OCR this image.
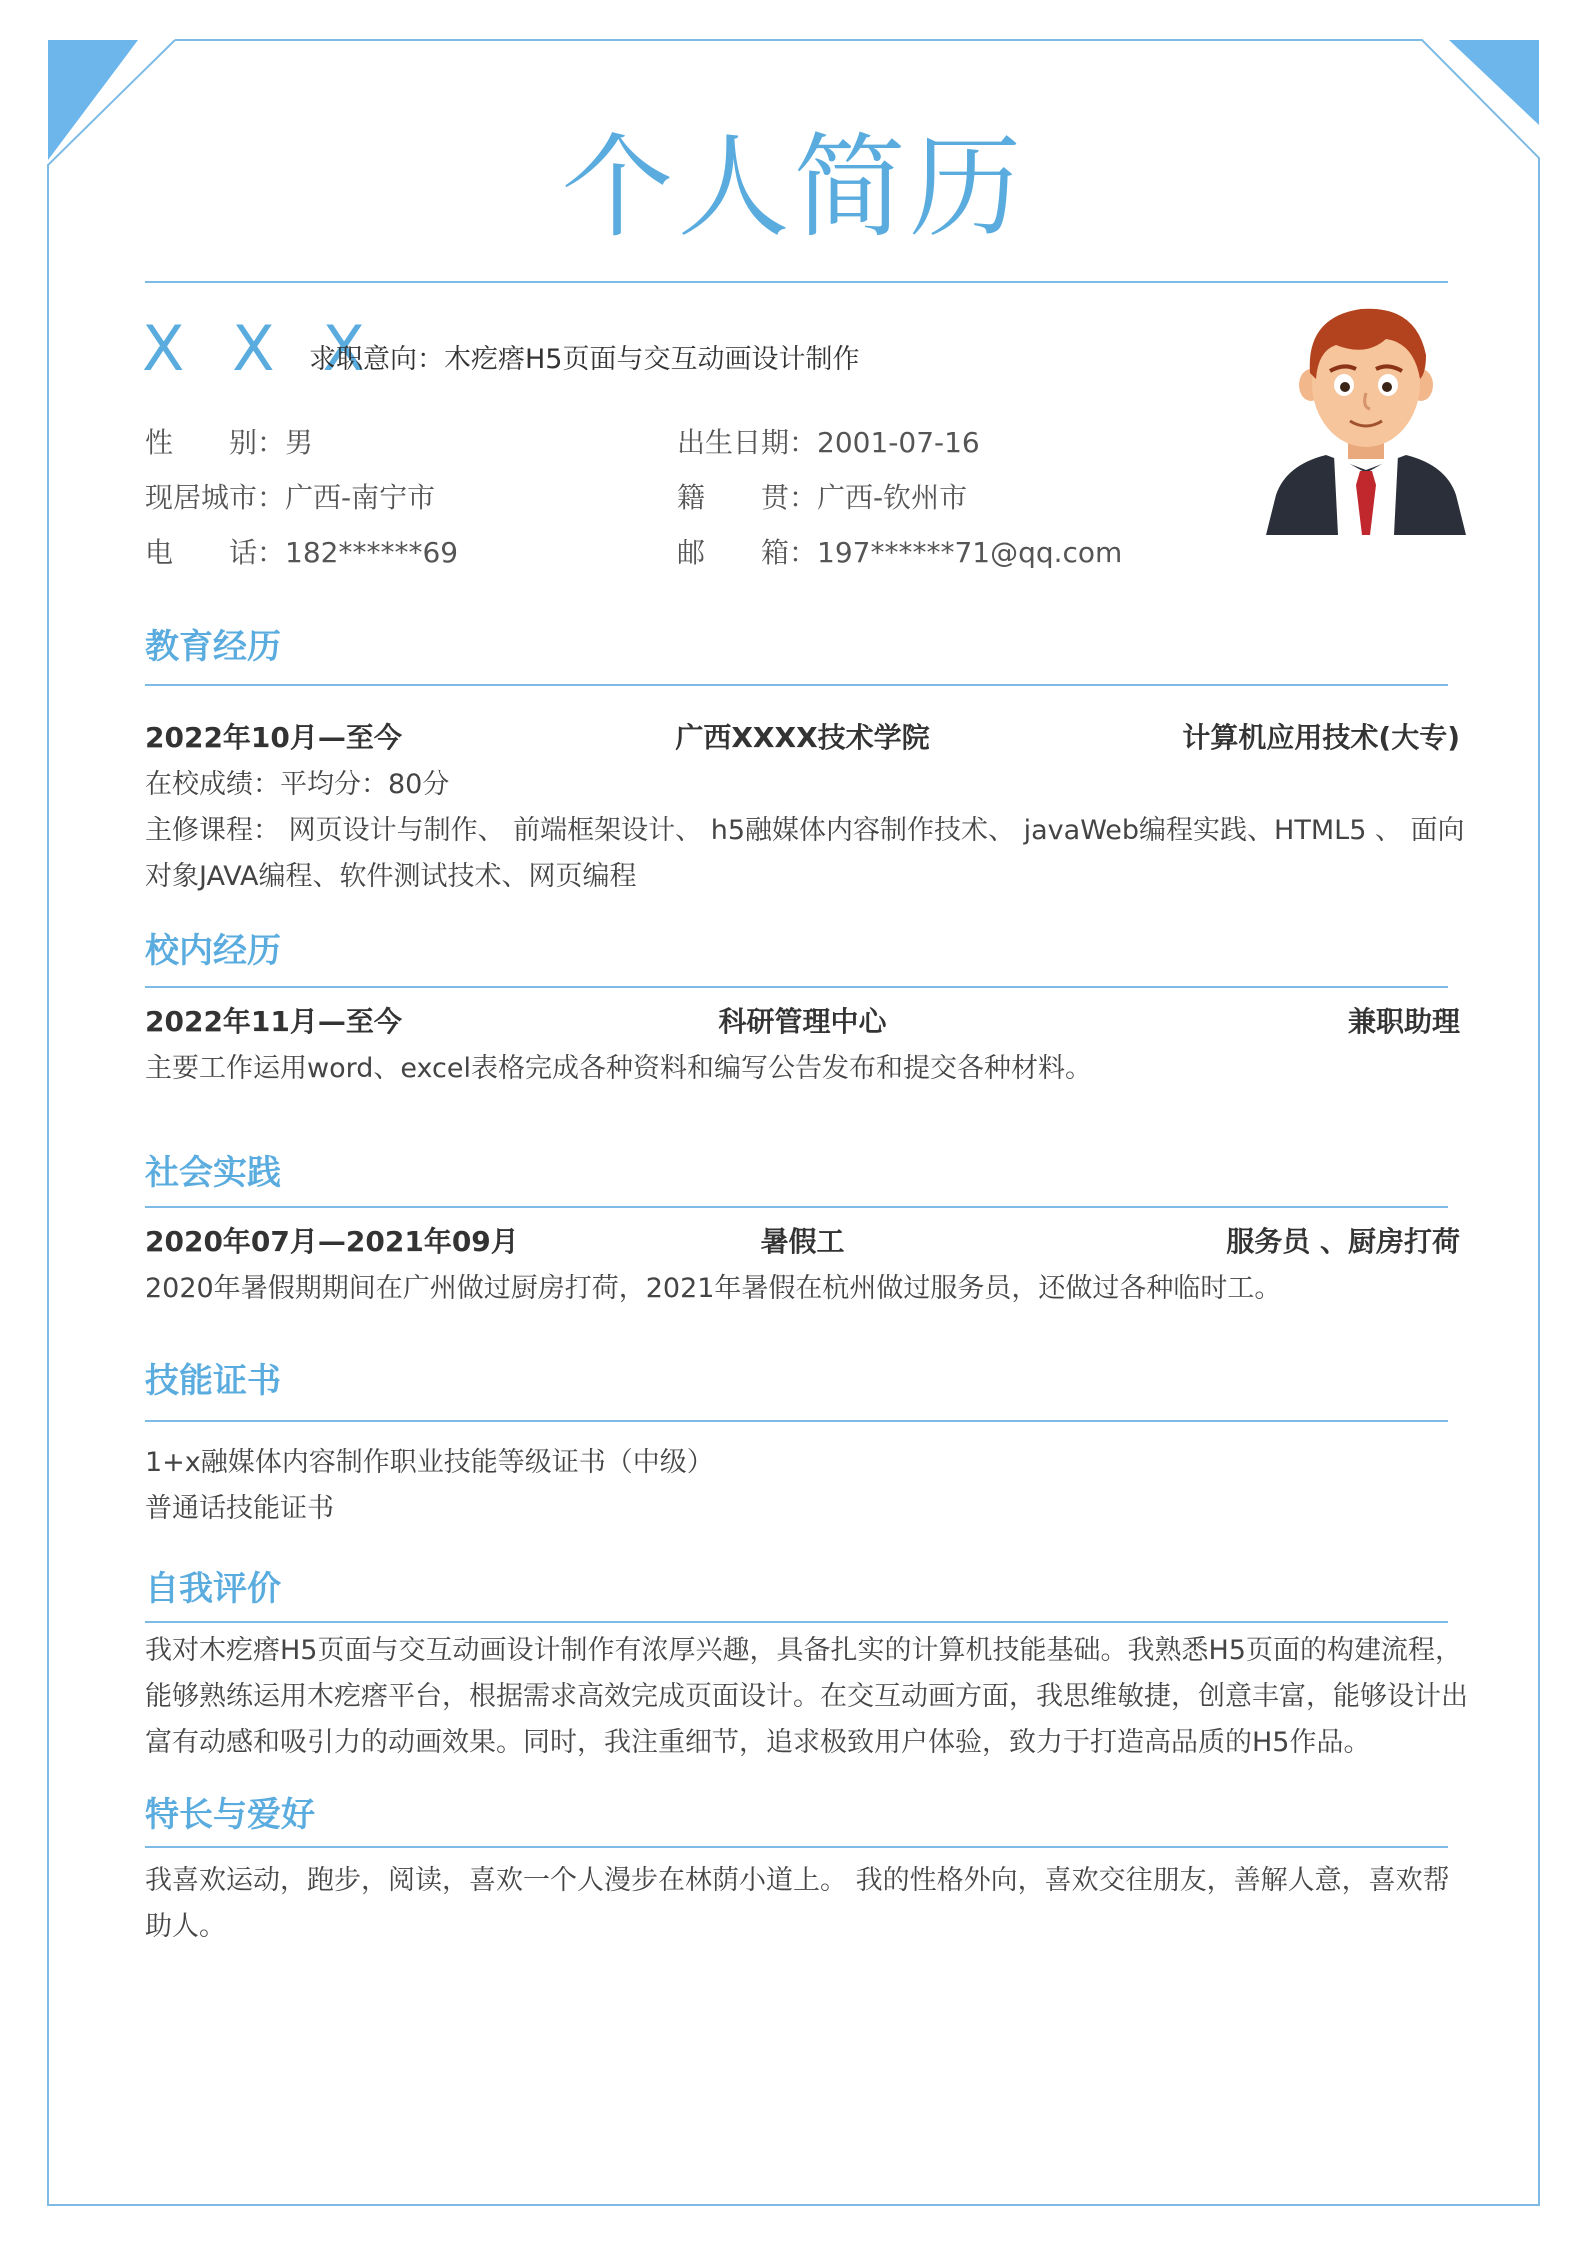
个人简历
X X X
求职意向：木疙瘩H5页面与交互动画设计制作
性　　别：男	出生日期：2001-07-16
现居城市：广西-南宁市	籍　　贯：广西-钦州市
电　　话：182******69	邮　　箱：197******71@qq.com
教育经历
2022年10月—至今	广西XXXX技术学院	计算机应用技术(大专)
在校成绩：平均分：80分
主修课程： 网页设计与制作、 前端框架设计、 h5融媒体内容制作技术、 javaWeb编程实践、HTML5 、 面向
对象JAVA编程、软件测试技术、网页编程
校内经历
2022年11月—至今	科研管理中心	兼职助理
主要工作运用word、excel表格完成各种资料和编写公告发布和提交各种材料。
社会实践
2020年07月—2021年09月	暑假工	服务员 、厨房打荷
2020年暑假期期间在广州做过厨房打荷，2021年暑假在杭州做过服务员，还做过各种临时工。
技能证书
1+x融媒体内容制作职业技能等级证书（中级）
普通话技能证书
自我评价
我对木疙瘩H5页面与交互动画设计制作有浓厚兴趣，具备扎实的计算机技能基础。我熟悉H5页面的构建流程，
能够熟练运用木疙瘩平台，根据需求高效完成页面设计。在交互动画方面，我思维敏捷，创意丰富，能够设计出
富有动感和吸引力的动画效果。同时，我注重细节，追求极致用户体验，致力于打造高品质的H5作品。
特长与爱好
我喜欢运动，跑步，阅读，喜欢一个人漫步在林荫小道上。 我的性格外向，喜欢交往朋友，善解人意，喜欢帮
助人。
